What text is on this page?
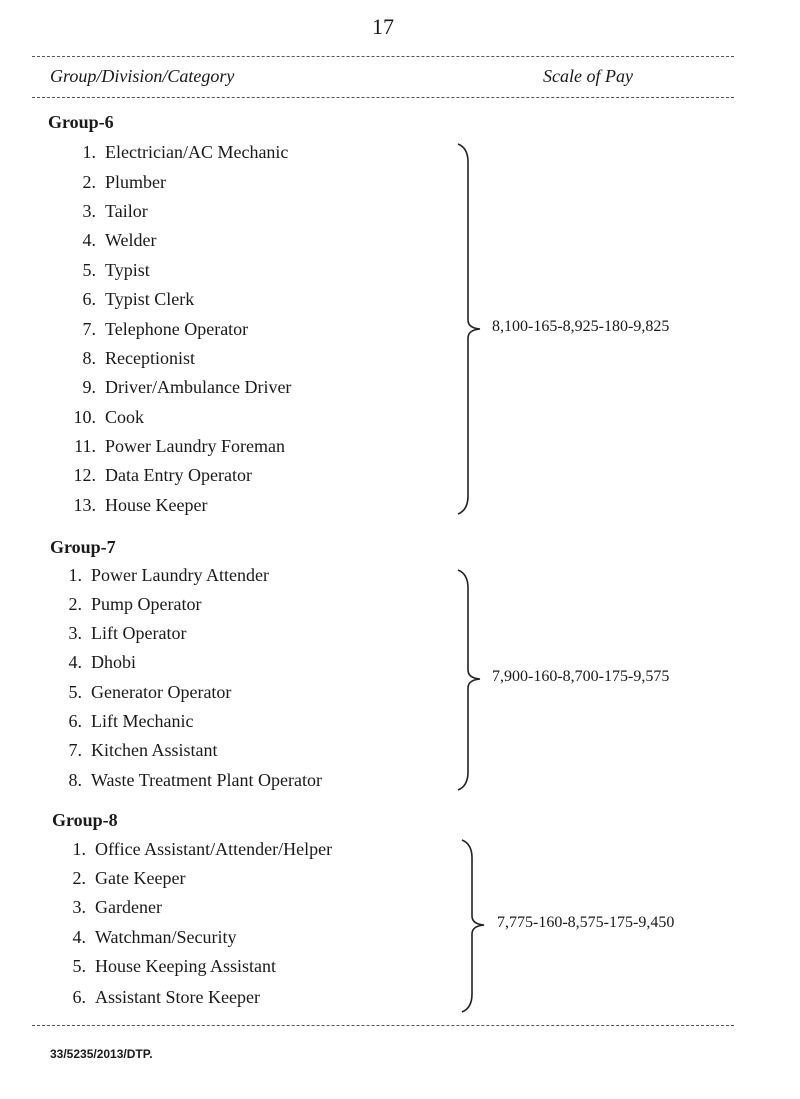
17
Group/Division/Category	Scale of Pay
Group-6
1. Electrician/AC Mechanic
2. Plumber
3. Tailor
4. Welder
5. Typist
6. Typist Clerk
7. Telephone Operator
8. Receptionist
9. Driver/Ambulance Driver
10. Cook
11. Power Laundry Foreman
12. Data Entry Operator
13. House Keeper
8,100-165-8,925-180-9,825
Group-7
1. Power Laundry Attender
2. Pump Operator
3. Lift Operator
4. Dhobi
5. Generator Operator
6. Lift Mechanic
7. Kitchen Assistant
8. Waste Treatment Plant Operator
7,900-160-8,700-175-9,575
Group-8
1. Office Assistant/Attender/Helper
2. Gate Keeper
3. Gardener
4. Watchman/Security
5. House Keeping Assistant
6. Assistant Store Keeper
7,775-160-8,575-175-9,450
33/5235/2013/DTP.
